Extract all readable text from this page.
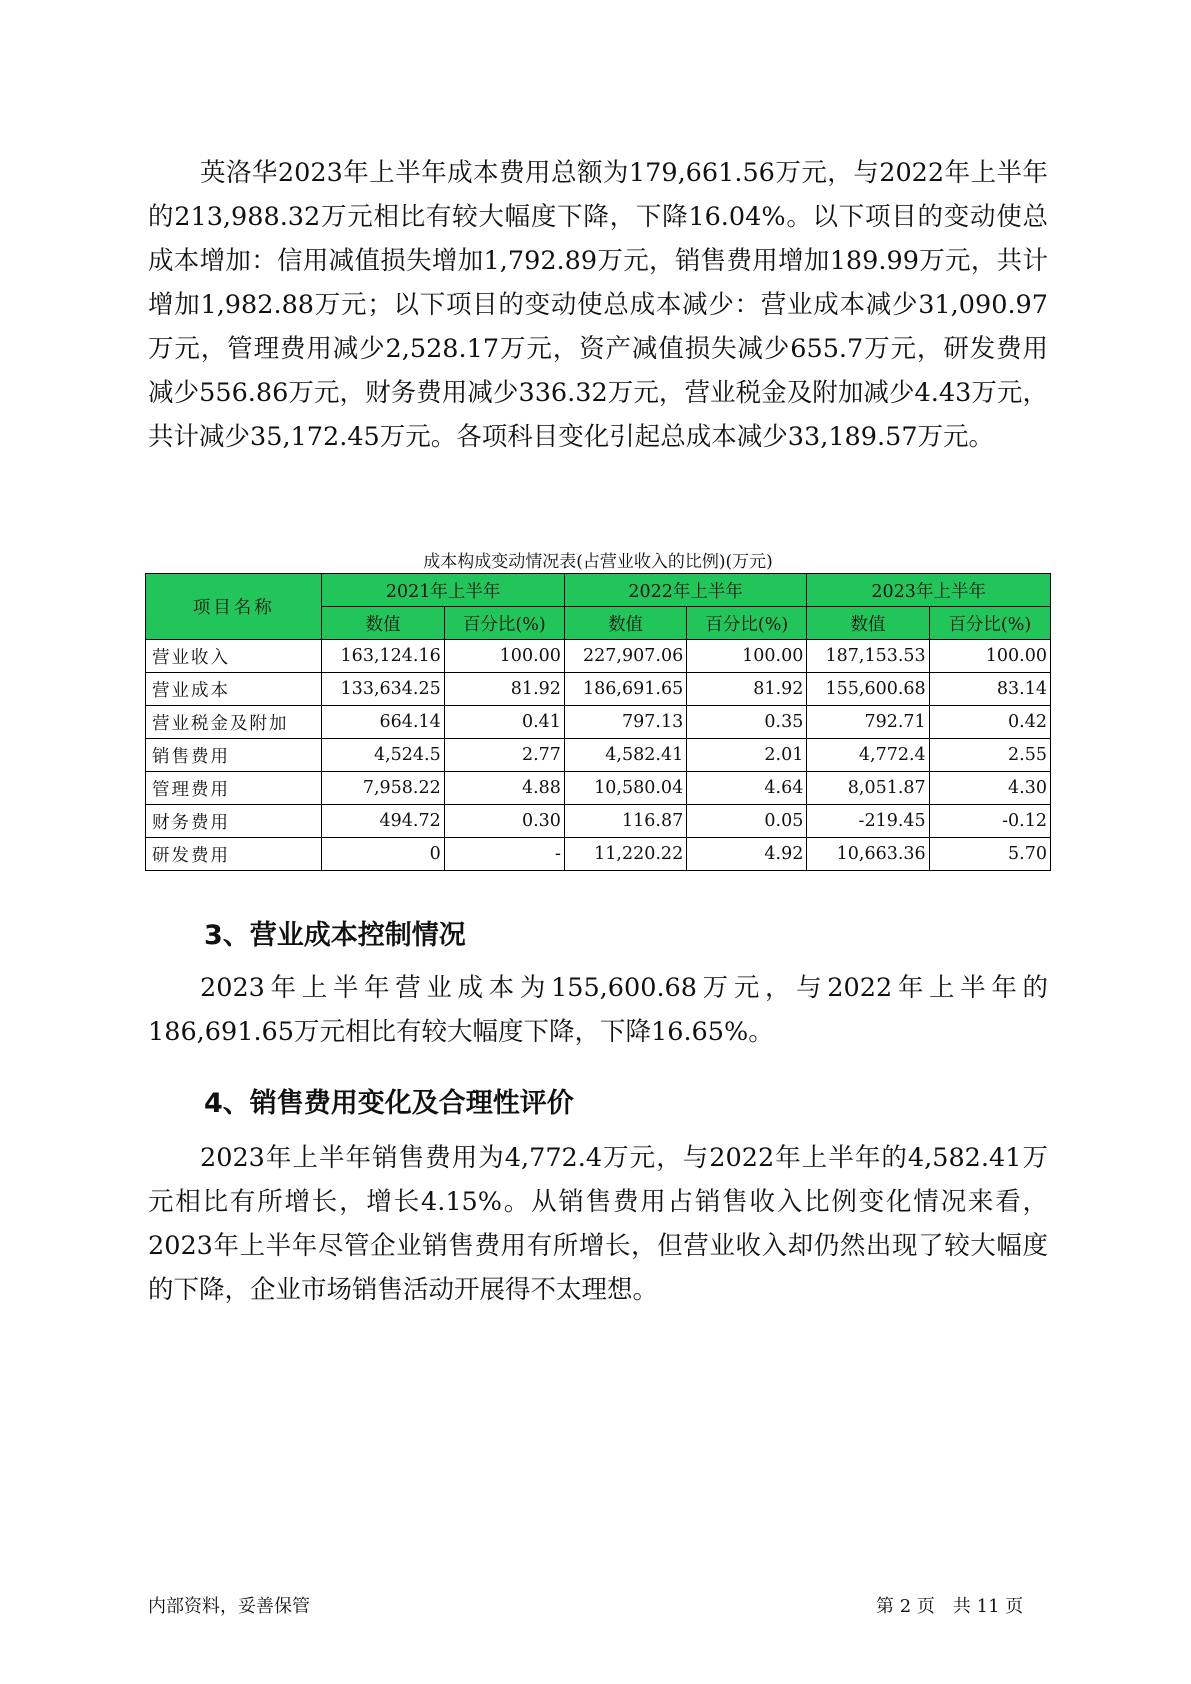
英洛华2023年上半年成本费用总额为179,661.56万元，与2022年上半年的213,988.32万元相比有较大幅度下降，下降16.04%。以下项目的变动使总成本增加：信用减值损失增加1,792.89万元，销售费用增加189.99万元，共计增加1,982.88万元；以下项目的变动使总成本减少：营业成本减少31,090.97万元，管理费用减少2,528.17万元，资产减值损失减少655.7万元，研发费用减少556.86万元，财务费用减少336.32万元，营业税金及附加减少4.43万元，共计减少35,172.45万元。各项科目变化引起总成本减少33,189.57万元。

成本构成变动情况表(占营业收入的比例)(万元)

项目名称	2021年上半年		2022年上半年		2023年上半年	
	数值	百分比(%)	数值	百分比(%)	数值	百分比(%)
营业收入	163,124.16	100.00	227,907.06	100.00	187,153.53	100.00
营业成本	133,634.25	81.92	186,691.65	81.92	155,600.68	83.14
营业税金及附加	664.14	0.41	797.13	0.35	792.71	0.42
销售费用	4,524.5	2.77	4,582.41	2.01	4,772.4	2.55
管理费用	7,958.22	4.88	10,580.04	4.64	8,051.87	4.30
财务费用	494.72	0.30	116.87	0.05	-219.45	-0.12
研发费用	0	-	11,220.22	4.92	10,663.36	5.70
3、营业成本控制情况

2023年上半年营业成本为155,600.68万元，与2022年上半年的186,691.65万元相比有较大幅度下降，下降16.65%。

4、销售费用变化及合理性评价

2023年上半年销售费用为4,772.4万元，与2022年上半年的4,582.41万元相比有所增长，增长4.15%。从销售费用占销售收入比例变化情况来看，2023年上半年尽管企业销售费用有所增长，但营业收入却仍然出现了较大幅度的下降，企业市场销售活动开展得不太理想。

内部资料，妥善保管	第 2 页　共 11 页
